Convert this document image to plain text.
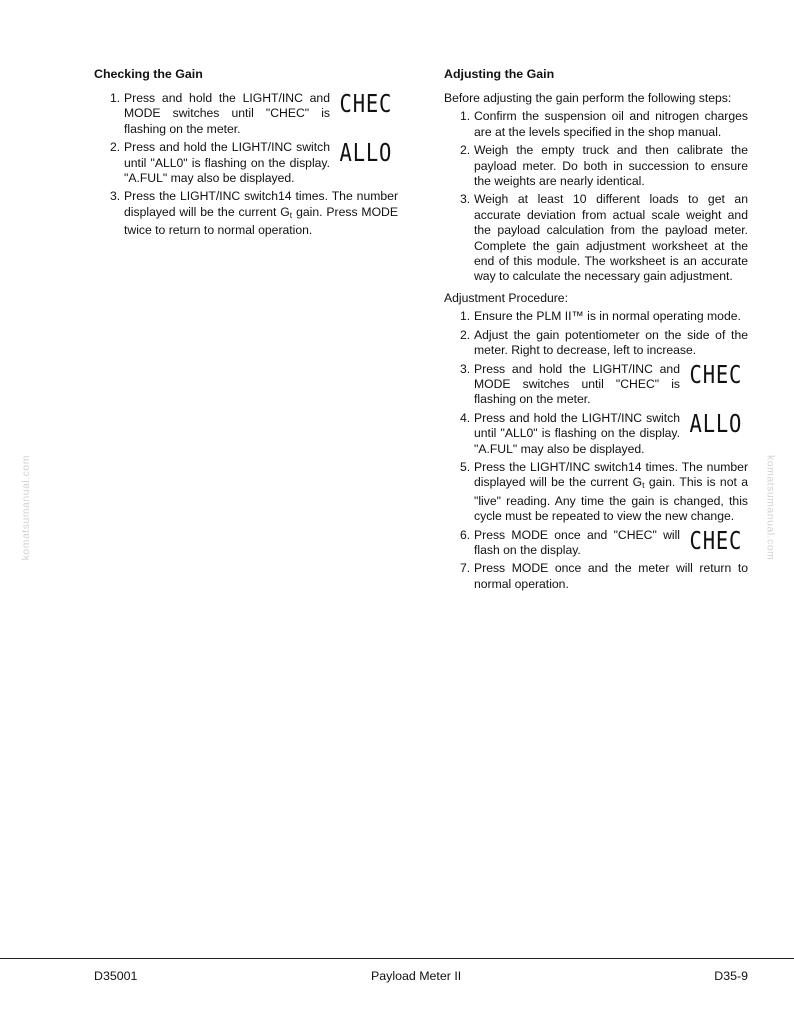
komatsumanual.com	komatsumanual.com
Checking the Gain
1. Press and hold the LIGHT/INC and MODE switches until "CHEC" is flashing on the meter.
CHEC
2. Press and hold the LIGHT/INC switch until "ALL0" is flashing on the display. "A.FUL" may also be displayed.
ALLO
3. Press the LIGHT/INC switch14 times. The number displayed will be the current $G_t$ gain. Press MODE twice to return to normal operation.
Adjusting the Gain

Before adjusting the gain perform the following steps:

1. Confirm the suspension oil and nitrogen charges are at the levels specified in the shop manual.
2. Weigh the empty truck and then calibrate the payload meter. Do both in succession to ensure the weights are nearly identical.
3. Weigh at least 10 different loads to get an accurate deviation from actual scale weight and the payload calculation from the payload meter. Complete the gain adjustment worksheet at the end of this module. The worksheet is an accurate way to calculate the necessary gain adjustment.

Adjustment Procedure:

1. Ensure the PLM II™ is in normal operating mode.
2. Adjust the gain potentiometer on the side of the meter. Right to decrease, left to increase.
3. Press and hold the LIGHT/INC and MODE switches until "CHEC" is flashing on the meter.
CHEC
4. Press and hold the LIGHT/INC switch until "ALL0" is flashing on the display. "A.FUL" may also be displayed.
ALLO
5. Press the LIGHT/INC switch14 times. The number displayed will be the current $G_t$ gain. This is not a "live" reading. Any time the gain is changed, this cycle must be repeated to view the new change.
6. Press MODE once and "CHEC" will flash on the display.	CHEC
7. Press MODE once and the meter will return to normal operation.
D35001	Payload Meter II	D35-9
